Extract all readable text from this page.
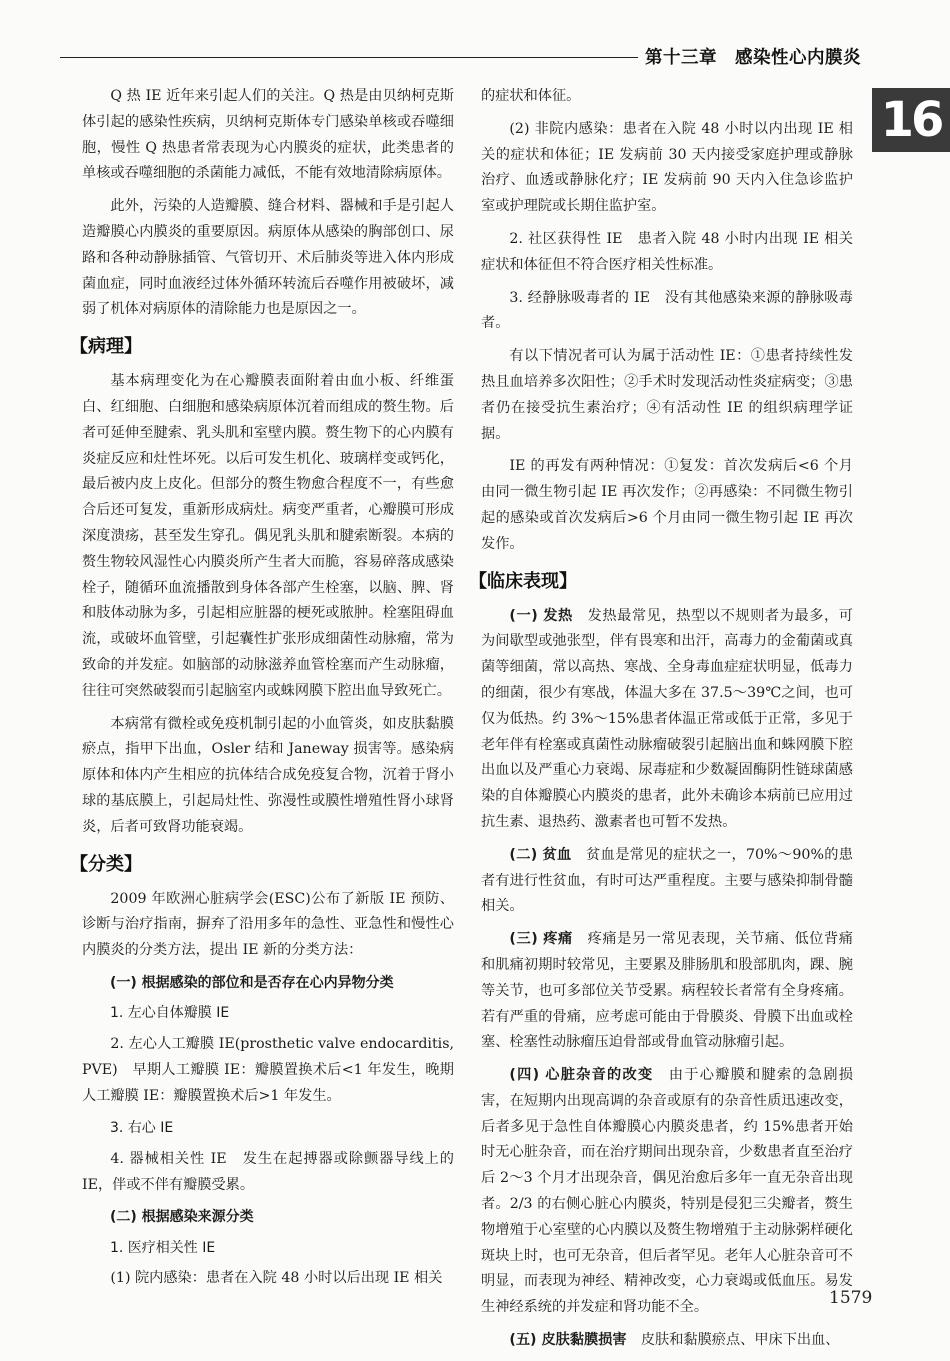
第十三章　感染性心内膜炎
16

Q 热 IE 近年来引起人们的关注。Q 热是由贝纳柯克斯体引起的感染性疾病，贝纳柯克斯体专门感染单核或吞噬细胞，慢性 Q 热患者常表现为心内膜炎的症状，此类患者的单核或吞噬细胞的杀菌能力减低，不能有效地清除病原体。

此外，污染的人造瓣膜、缝合材料、器械和手是引起人造瓣膜心内膜炎的重要原因。病原体从感染的胸部创口、尿路和各种动静脉插管、气管切开、术后肺炎等进入体内形成菌血症，同时血液经过体外循环转流后吞噬作用被破坏，减弱了机体对病原体的清除能力也是原因之一。

【病理】

基本病理变化为在心瓣膜表面附着由血小板、纤维蛋白、红细胞、白细胞和感染病原体沉着而组成的赘生物。后者可延伸至腱索、乳头肌和室壁内膜。赘生物下的心内膜有炎症反应和灶性坏死。以后可发生机化、玻璃样变或钙化，最后被内皮上皮化。但部分的赘生物愈合程度不一，有些愈合后还可复发，重新形成病灶。病变严重者，心瓣膜可形成深度溃疡，甚至发生穿孔。偶见乳头肌和腱索断裂。本病的赘生物较风湿性心内膜炎所产生者大而脆，容易碎落成感染栓子，随循环血流播散到身体各部产生栓塞，以脑、脾、肾和肢体动脉为多，引起相应脏器的梗死或脓肿。栓塞阻碍血流，或破坏血管壁，引起囊性扩张形成细菌性动脉瘤，常为致命的并发症。如脑部的动脉滋养血管栓塞而产生动脉瘤，往往可突然破裂而引起脑室内或蛛网膜下腔出血导致死亡。

本病常有微栓或免疫机制引起的小血管炎，如皮肤黏膜瘀点，指甲下出血，Osler 结和 Janeway 损害等。感染病原体和体内产生相应的抗体结合成免疫复合物，沉着于肾小球的基底膜上，引起局灶性、弥漫性或膜性增殖性肾小球肾炎，后者可致肾功能衰竭。

【分类】

2009 年欧洲心脏病学会(ESC)公布了新版 IE 预防、诊断与治疗指南，摒弃了沿用多年的急性、亚急性和慢性心内膜炎的分类方法，提出 IE 新的分类方法：

(一) 根据感染的部位和是否存在心内异物分类
1. 左心自体瓣膜 IE

2. 左心人工瓣膜 IE(prosthetic valve endocarditis, PVE)　早期人工瓣膜 IE：瓣膜置换术后<1 年发生，晚期人工瓣膜 IE：瓣膜置换术后>1 年发生。

3. 右心 IE

4. 器械相关性 IE　发生在起搏器或除颤器导线上的 IE，伴或不伴有瓣膜受累。

(二) 根据感染来源分类
1. 医疗相关性 IE

(1) 院内感染：患者在入院 48 小时以后出现 IE 相关

的症状和体征。

(2) 非院内感染：患者在入院 48 小时以内出现 IE 相关的症状和体征；IE 发病前 30 天内接受家庭护理或静脉治疗、血透或静脉化疗；IE 发病前 90 天内入住急诊监护室或护理院或长期住监护室。

2. 社区获得性 IE　患者入院 48 小时内出现 IE 相关症状和体征但不符合医疗相关性标准。

3. 经静脉吸毒者的 IE　没有其他感染来源的静脉吸毒者。

有以下情况者可认为属于活动性 IE：①患者持续性发热且血培养多次阳性；②手术时发现活动性炎症病变；③患者仍在接受抗生素治疗；④有活动性 IE 的组织病理学证据。

IE 的再发有两种情况：①复发：首次发病后<6 个月由同一微生物引起 IE 再次发作；②再感染：不同微生物引起的感染或首次发病后>6 个月由同一微生物引起 IE 再次发作。

【临床表现】

(一) 发热　 发热最常见，热型以不规则者为最多，可为间歇型或弛张型，伴有畏寒和出汗，高毒力的金葡菌或真菌等细菌，常以高热、寒战、全身毒血症症状明显，低毒力的细菌，很少有寒战，体温大多在 37.5～39℃之间，也可仅为低热。约 3%～15%患者体温正常或低于正常，多见于老年伴有栓塞或真菌性动脉瘤破裂引起脑出血和蛛网膜下腔出血以及严重心力衰竭、尿毒症和少数凝固酶阴性链球菌感染的自体瓣膜心内膜炎的患者，此外未确诊本病前已应用过抗生素、退热药、激素者也可暂不发热。

(二) 贫血　 贫血是常见的症状之一，70%～90%的患者有进行性贫血，有时可达严重程度。主要与感染抑制骨髓相关。

(三) 疼痛　 疼痛是另一常见表现，关节痛、低位背痛和肌痛初期时较常见，主要累及腓肠肌和股部肌肉，踝、腕等关节，也可多部位关节受累。病程较长者常有全身疼痛。若有严重的骨痛，应考虑可能由于骨膜炎、骨膜下出血或栓塞、栓塞性动脉瘤压迫骨部或骨血管动脉瘤引起。

(四) 心脏杂音的改变　 由于心瓣膜和腱索的急剧损害，在短期内出现高调的杂音或原有的杂音性质迅速改变，后者多见于急性自体瓣膜心内膜炎患者，约 15%患者开始时无心脏杂音，而在治疗期间出现杂音，少数患者直至治疗后 2～3 个月才出现杂音，偶见治愈后多年一直无杂音出现者。2/3 的右侧心脏心内膜炎，特别是侵犯三尖瓣者，赘生物增殖于心室壁的心内膜以及赘生物增殖于主动脉粥样硬化斑块上时，也可无杂音，但后者罕见。老年人心脏杂音可不明显，而表现为神经、精神改变，心力衰竭或低血压。易发生神经系统的并发症和肾功能不全。

(五) 皮肤黏膜损害　 皮肤和黏膜瘀点、甲床下出血、

1579
